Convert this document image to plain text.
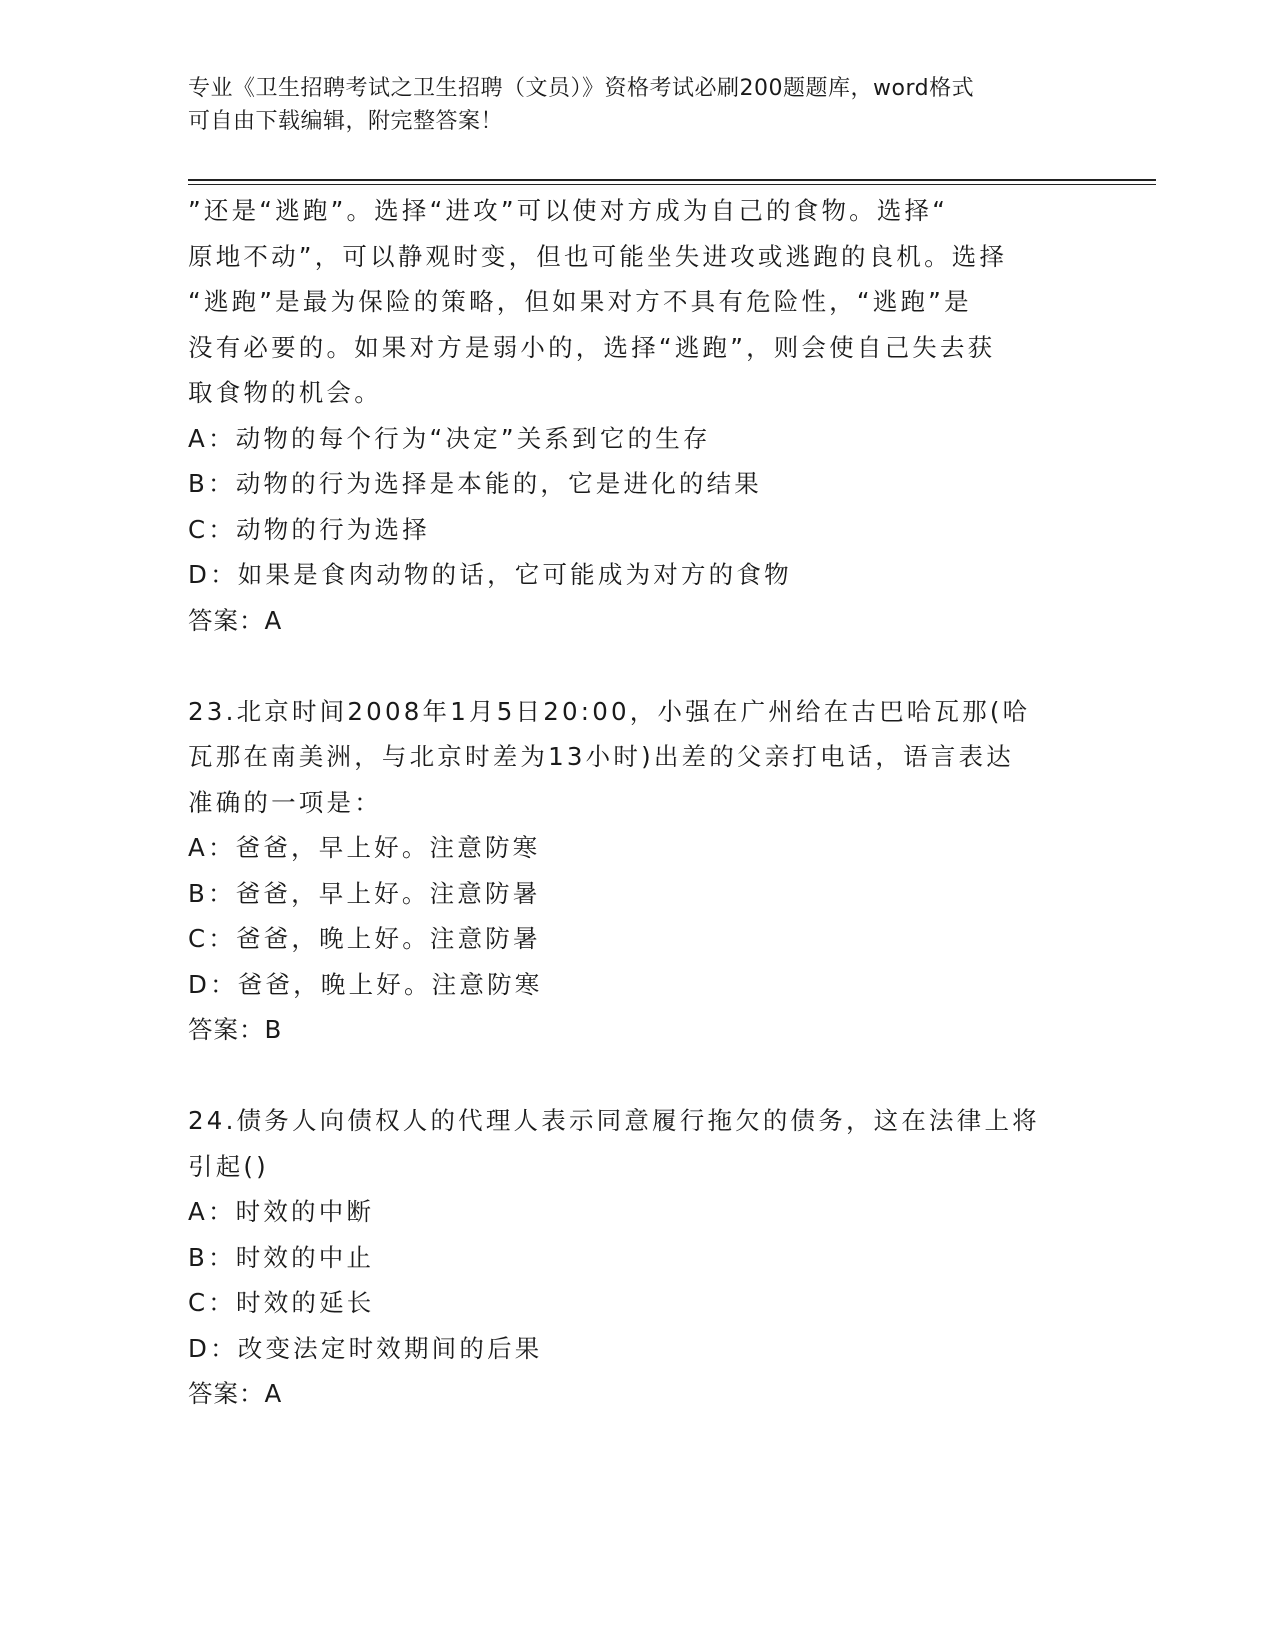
专业《卫生招聘考试之卫生招聘（文员）》资格考试必刷200题题库，word格式
可自由下载编辑，附完整答案！
”还是“逃跑”。选择“进攻”可以使对方成为自己的食物。选择“
原地不动”，可以静观时变，但也可能坐失进攻或逃跑的良机。选择
“逃跑”是最为保险的策略，但如果对方不具有危险性，“逃跑”是
没有必要的。如果对方是弱小的，选择“逃跑”，则会使自己失去获
取食物的机会。
A：动物的每个行为“决定”关系到它的生存
B：动物的行为选择是本能的，它是进化的结果
C：动物的行为选择
D：如果是食肉动物的话，它可能成为对方的食物
答案：A
23.北京时间2008年1月5日20:00，小强在广州给在古巴哈瓦那(哈
瓦那在南美洲，与北京时差为13小时)出差的父亲打电话，语言表达
准确的一项是：
A：爸爸，早上好。注意防寒
B：爸爸，早上好。注意防暑
C：爸爸，晚上好。注意防暑
D：爸爸，晚上好。注意防寒
答案：B
24.债务人向债权人的代理人表示同意履行拖欠的债务，这在法律上将
引起()
A：时效的中断
B：时效的中止
C：时效的延长
D：改变法定时效期间的后果
答案：A
